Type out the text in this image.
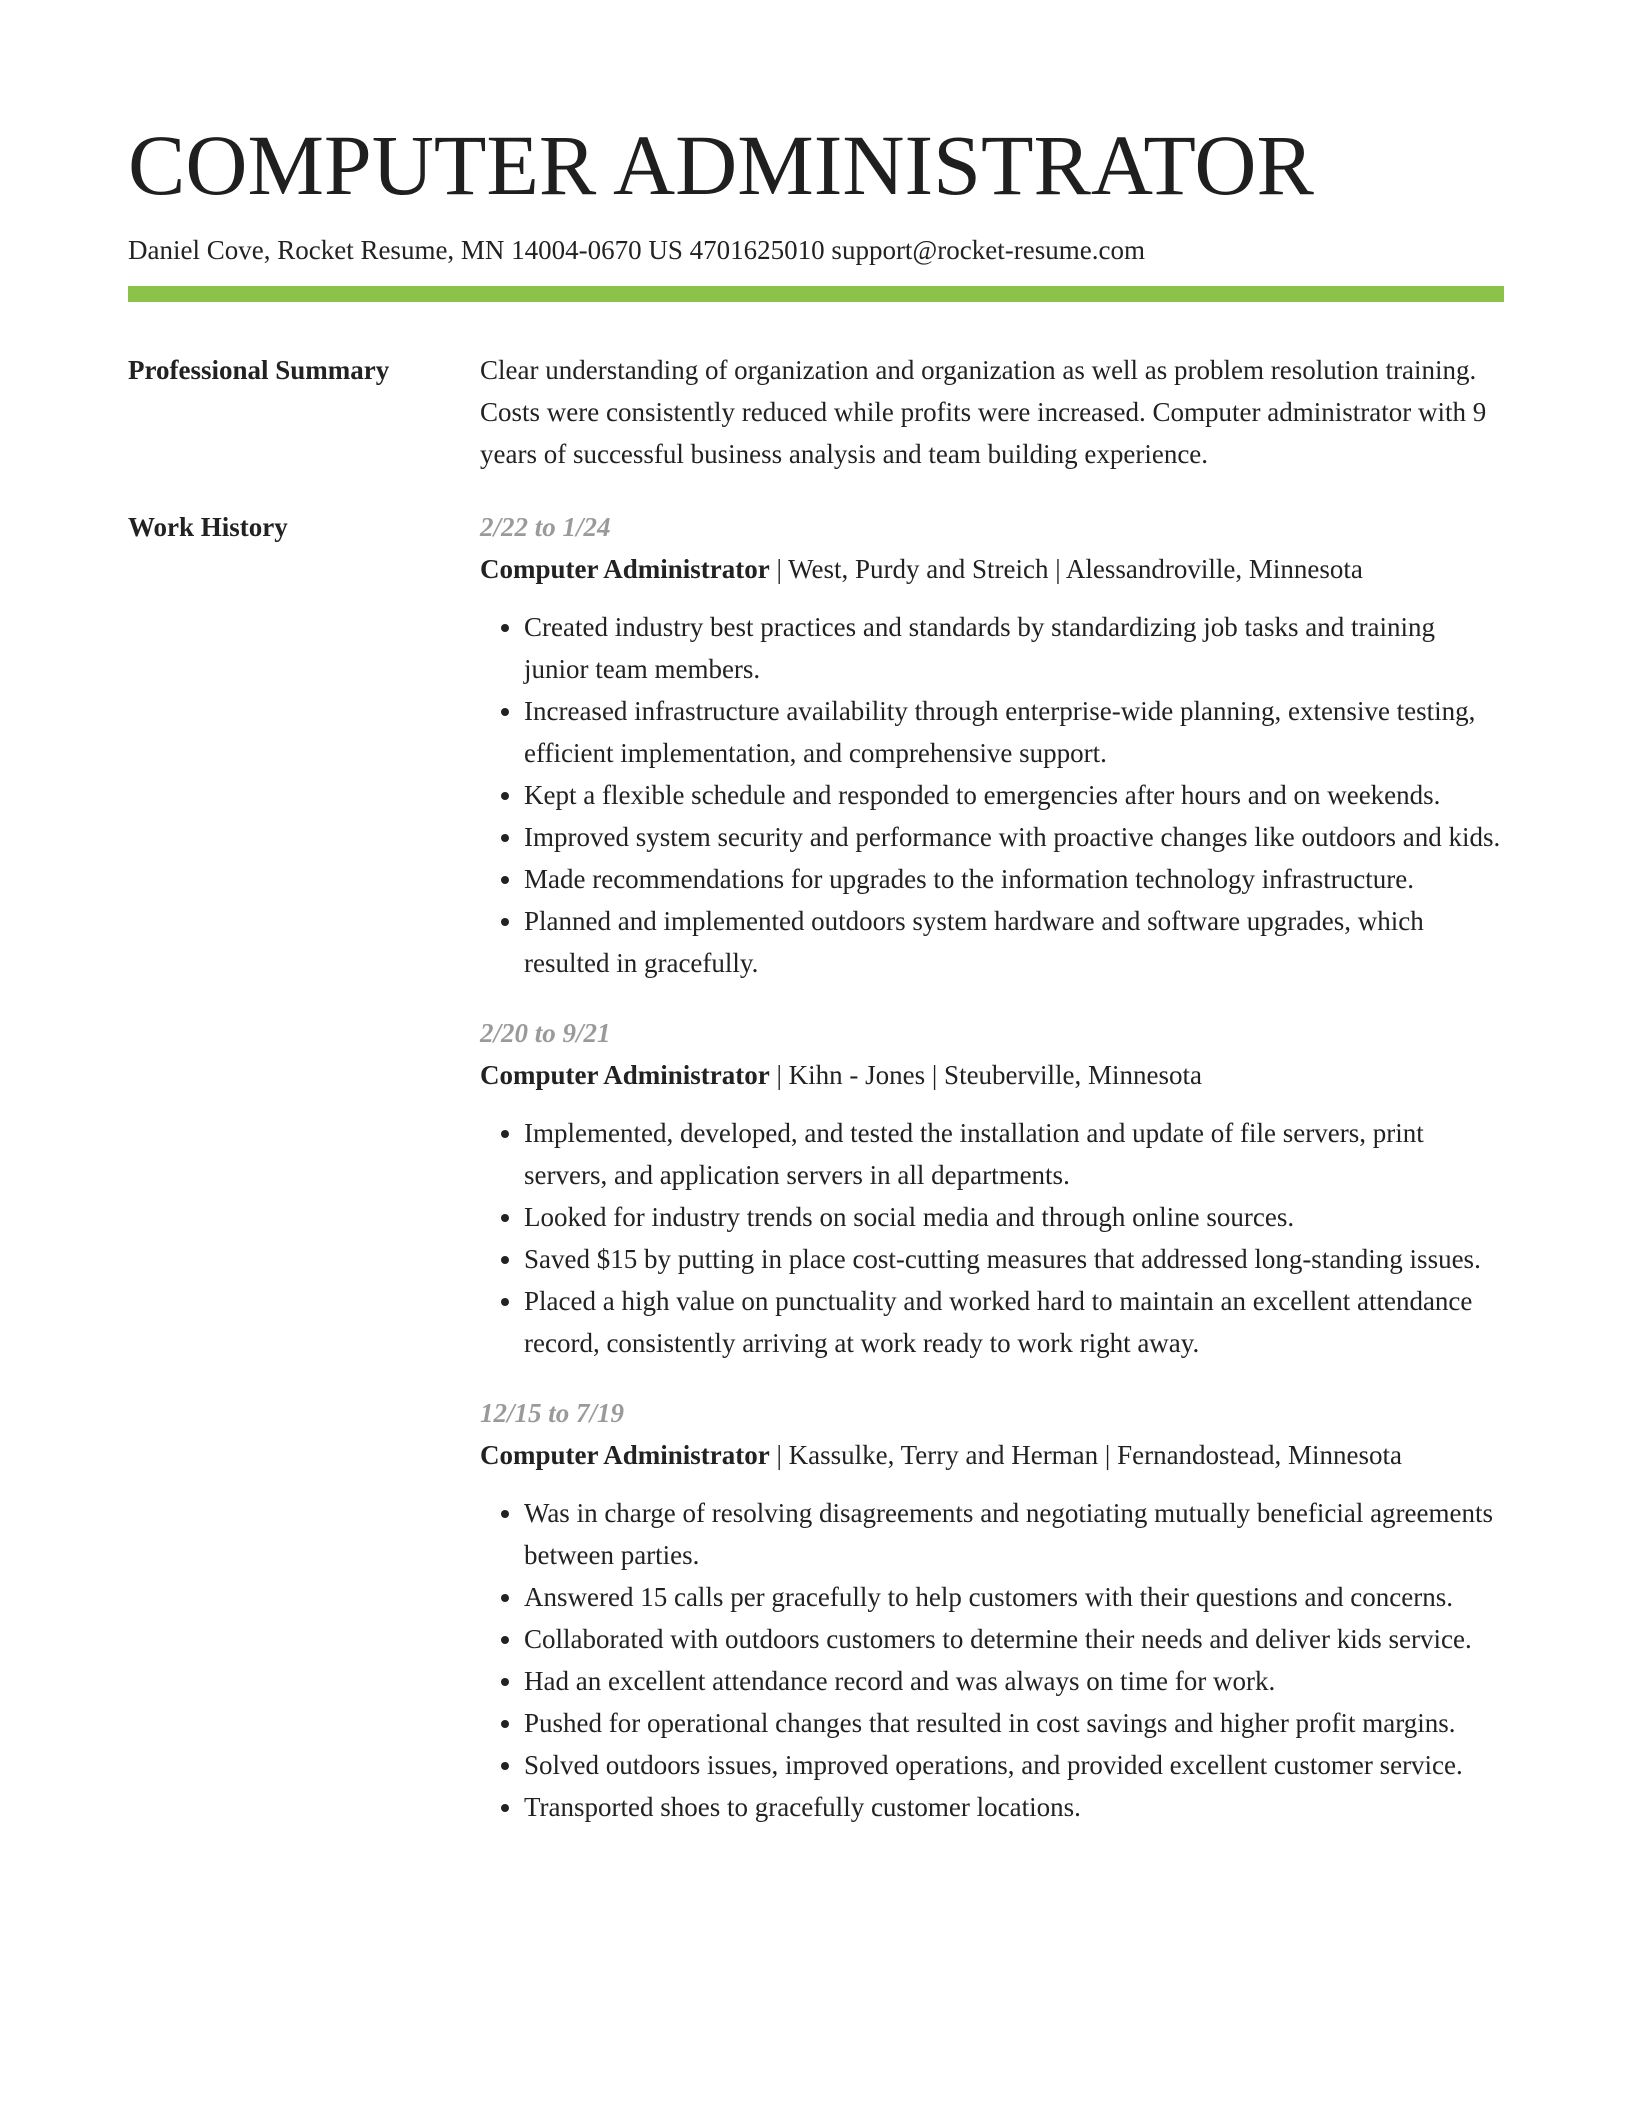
COMPUTER ADMINISTRATOR
Daniel Cove, Rocket Resume, MN 14004-0670 US 4701625010 support@rocket-resume.com
Professional Summary	Clear understanding of organization and organization as well as problem resolution training. Costs were consistently reduced while profits were increased. Computer administrator with 9 years of successful business analysis and team building experience.

Work History	2/22 to 1/24
Computer Administrator | West, Purdy and Streich | Alessandroville, Minnesota
• Created industry best practices and standards by standardizing job tasks and training junior team members.
• Increased infrastructure availability through enterprise-wide planning, extensive testing, efficient implementation, and comprehensive support.
• Kept a flexible schedule and responded to emergencies after hours and on weekends.
• Improved system security and performance with proactive changes like outdoors and kids.
• Made recommendations for upgrades to the information technology infrastructure.
• Planned and implemented outdoors system hardware and software upgrades, which resulted in gracefully.
2/20 to 9/21
Computer Administrator | Kihn - Jones | Steuberville, Minnesota
• Implemented, developed, and tested the installation and update of file servers, print servers, and application servers in all departments.
• Looked for industry trends on social media and through online sources.
• Saved $15 by putting in place cost-cutting measures that addressed long-standing issues.
• Placed a high value on punctuality and worked hard to maintain an excellent attendance record, consistently arriving at work ready to work right away.
12/15 to 7/19
Computer Administrator | Kassulke, Terry and Herman | Fernandostead, Minnesota
• Was in charge of resolving disagreements and negotiating mutually beneficial agreements between parties.
• Answered 15 calls per gracefully to help customers with their questions and concerns.
• Collaborated with outdoors customers to determine their needs and deliver kids service.
• Had an excellent attendance record and was always on time for work.
• Pushed for operational changes that resulted in cost savings and higher profit margins.
• Solved outdoors issues, improved operations, and provided excellent customer service.
• Transported shoes to gracefully customer locations.
